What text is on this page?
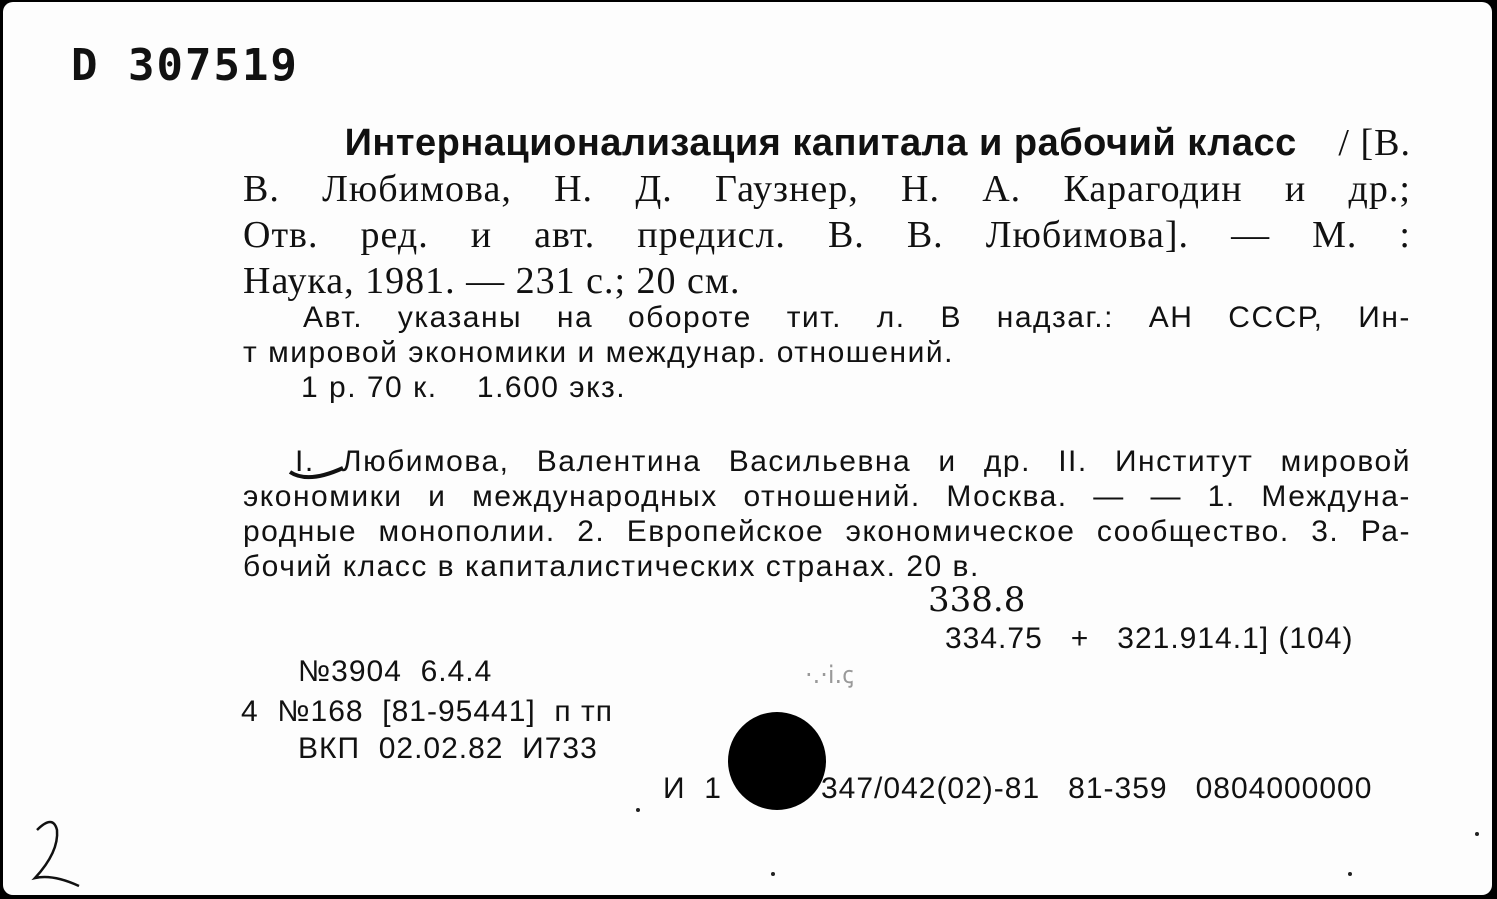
D 307519
Интернационализация капитала и рабочий класс / [В.
В. Любимова, Н. Д. Гаузнер, Н. А. Карагодин и др.;
Отв. ред. и авт. предисл. В. В. Любимова]. — М. :
Наука, 1981. — 231 с.; 20 см.
Авт. указаны на обороте тит. л. В надзаг.: АН СССР, Ин-
т мировой экономики и междунар. отношений.
1 р. 70 к.    1.600 экз.
I. Любимова, Валентина Васильевна и др. II. Институт мировой
экономики и международных отношений. Москва. — — 1. Междуна-
родные монополии. 2. Европейское экономическое сообщество. 3. Ра-
бочий класс в капиталистических странах. 20 в.
338.8
334.75   +   321.914.1] (104)
№3904  6.4.4
4  №168  [81-95441]  п тп
ВКП  02.02.82  И733
И  1	347/042(02)-81   81-359   0804000000
·.·i.ꞔ
